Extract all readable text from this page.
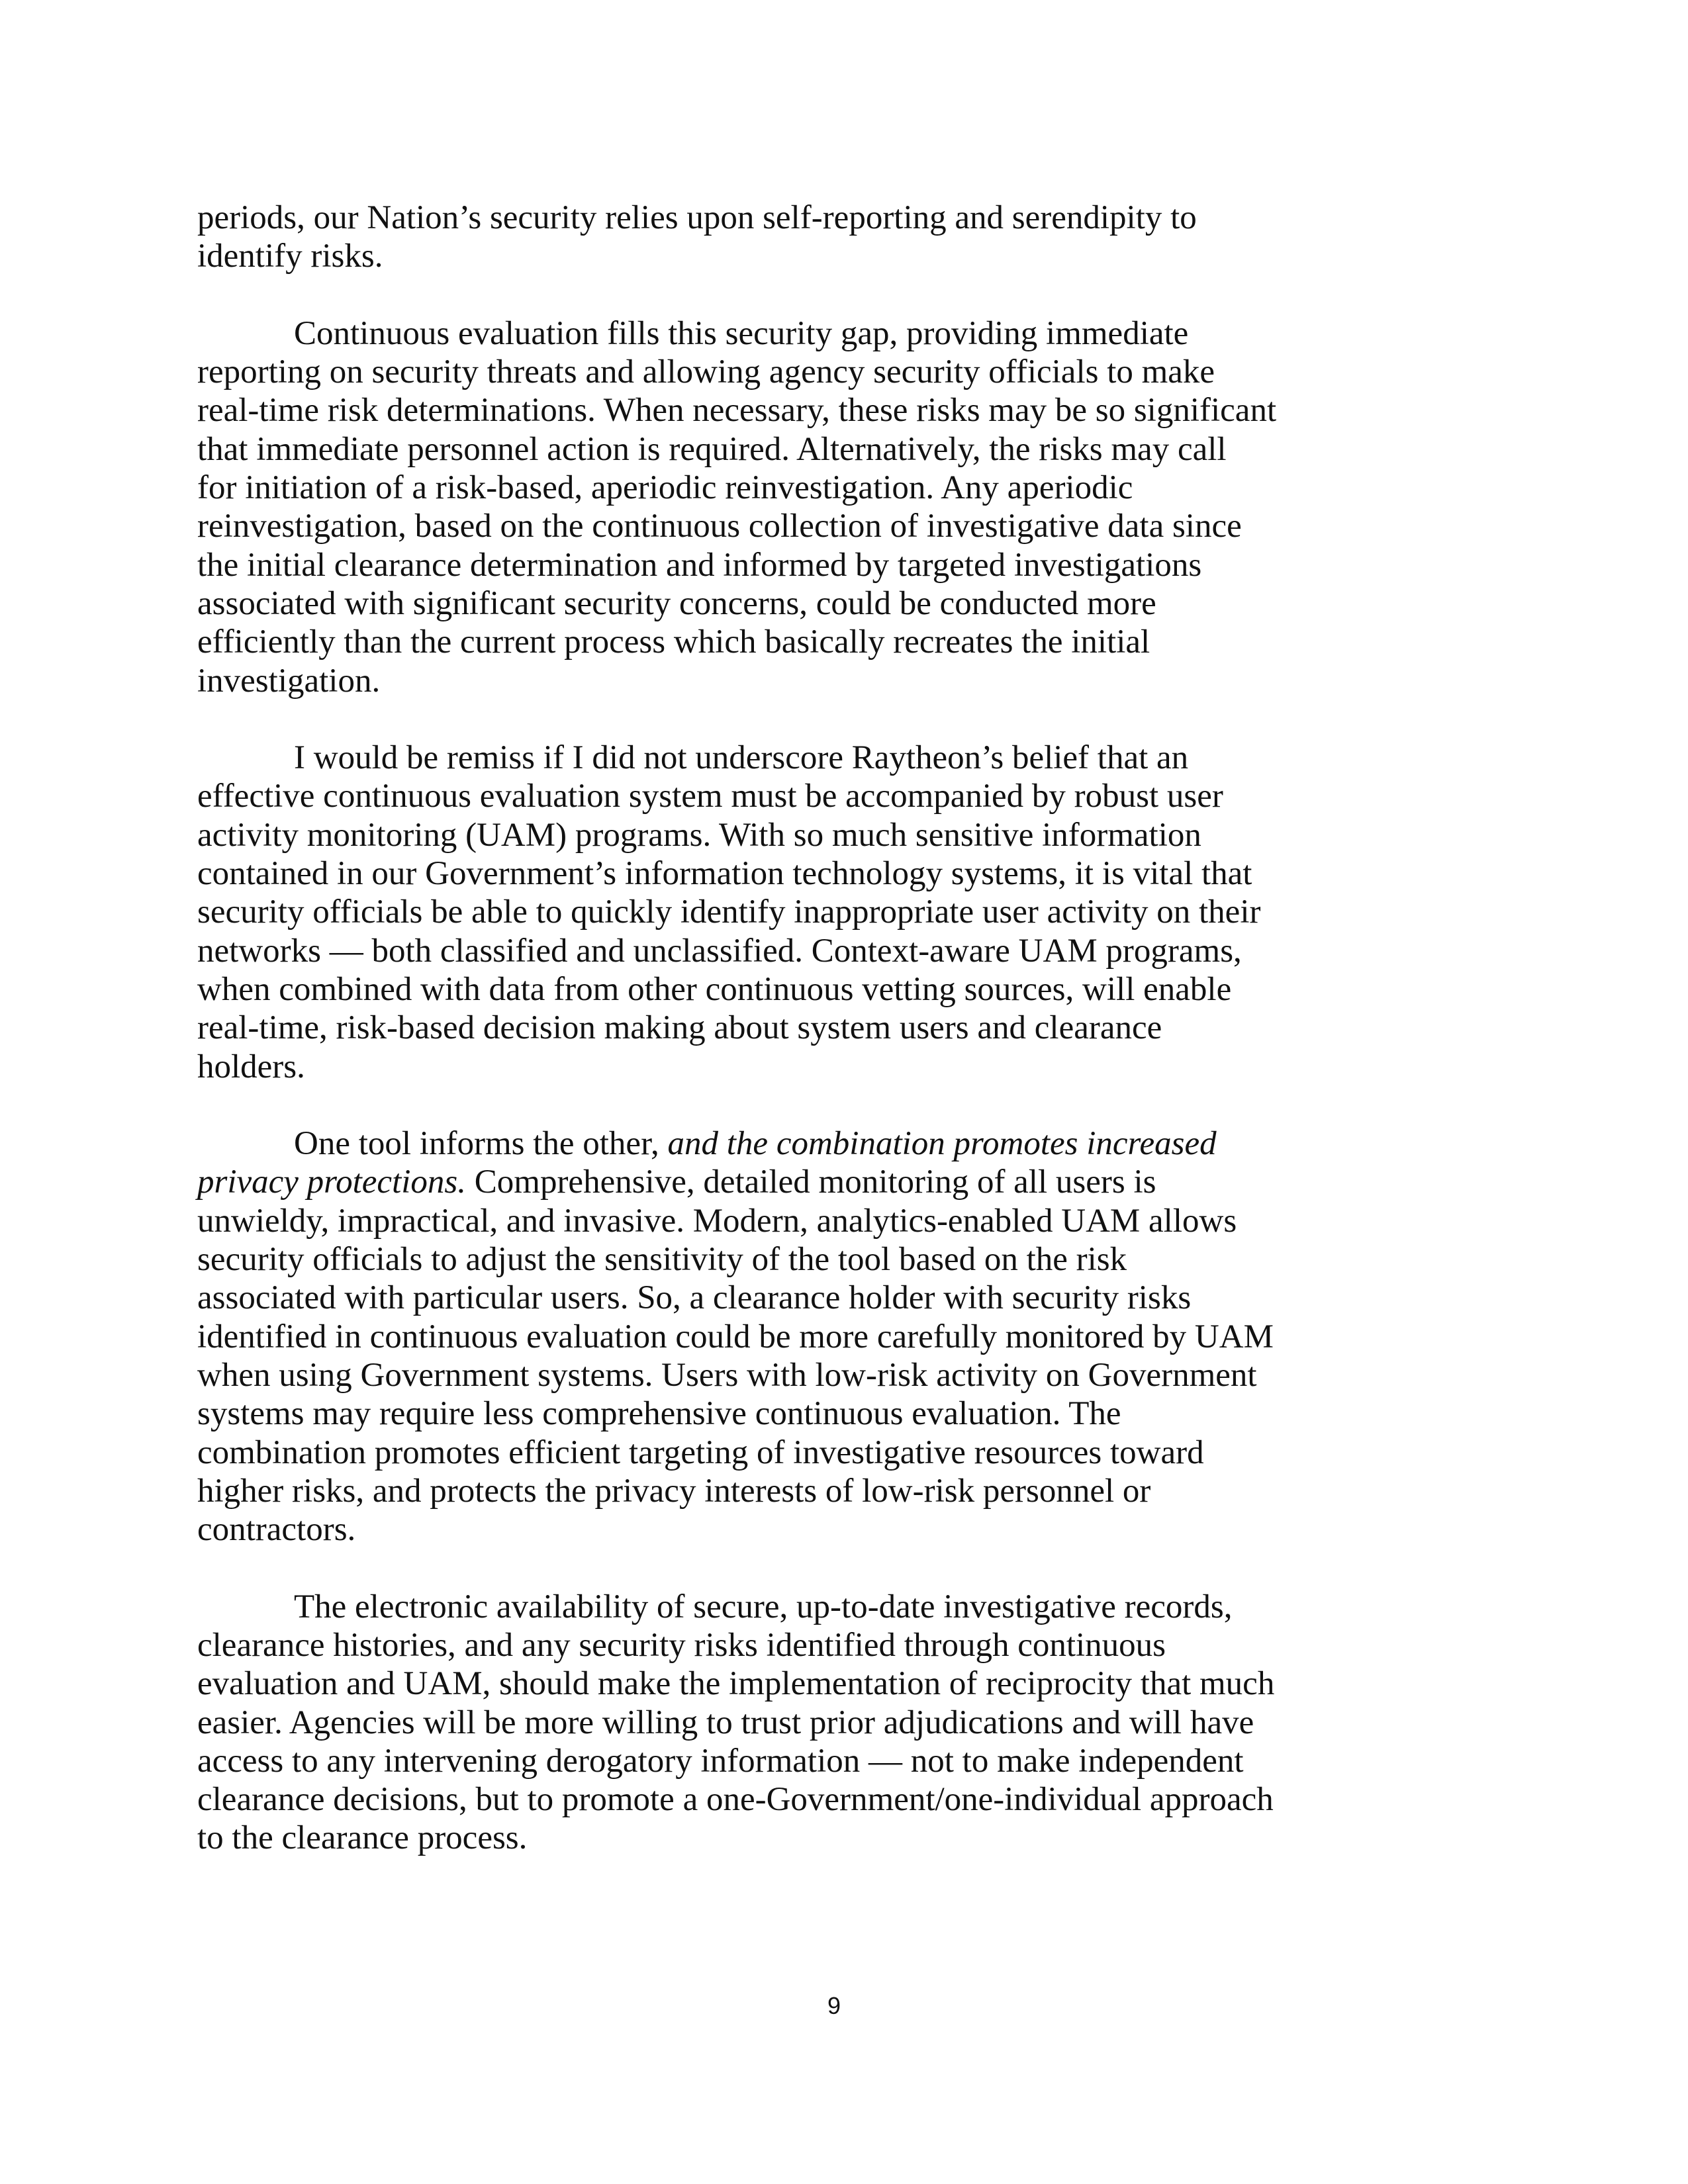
periods, our Nation’s security relies upon self-reporting and serendipity to
identify risks.
Continuous evaluation fills this security gap, providing immediate
reporting on security threats and allowing agency security officials to make
real-time risk determinations. When necessary, these risks may be so significant
that immediate personnel action is required. Alternatively, the risks may call
for initiation of a risk-based, aperiodic reinvestigation. Any aperiodic
reinvestigation, based on the continuous collection of investigative data since
the initial clearance determination and informed by targeted investigations
associated with significant security concerns, could be conducted more
efficiently than the current process which basically recreates the initial
investigation.
I would be remiss if I did not underscore Raytheon’s belief that an
effective continuous evaluation system must be accompanied by robust user
activity monitoring (UAM) programs. With so much sensitive information
contained in our Government’s information technology systems, it is vital that
security officials be able to quickly identify inappropriate user activity on their
networks — both classified and unclassified. Context-aware UAM programs,
when combined with data from other continuous vetting sources, will enable
real-time, risk-based decision making about system users and clearance
holders.
One tool informs the other, and the combination promotes increased
privacy protections. Comprehensive, detailed monitoring of all users is
unwieldy, impractical, and invasive. Modern, analytics-enabled UAM allows
security officials to adjust the sensitivity of the tool based on the risk
associated with particular users. So, a clearance holder with security risks
identified in continuous evaluation could be more carefully monitored by UAM
when using Government systems. Users with low-risk activity on Government
systems may require less comprehensive continuous evaluation. The
combination promotes efficient targeting of investigative resources toward
higher risks, and protects the privacy interests of low-risk personnel or
contractors.
The electronic availability of secure, up-to-date investigative records,
clearance histories, and any security risks identified through continuous
evaluation and UAM, should make the implementation of reciprocity that much
easier. Agencies will be more willing to trust prior adjudications and will have
access to any intervening derogatory information — not to make independent
clearance decisions, but to promote a one-Government/one-individual approach
to the clearance process.
9
